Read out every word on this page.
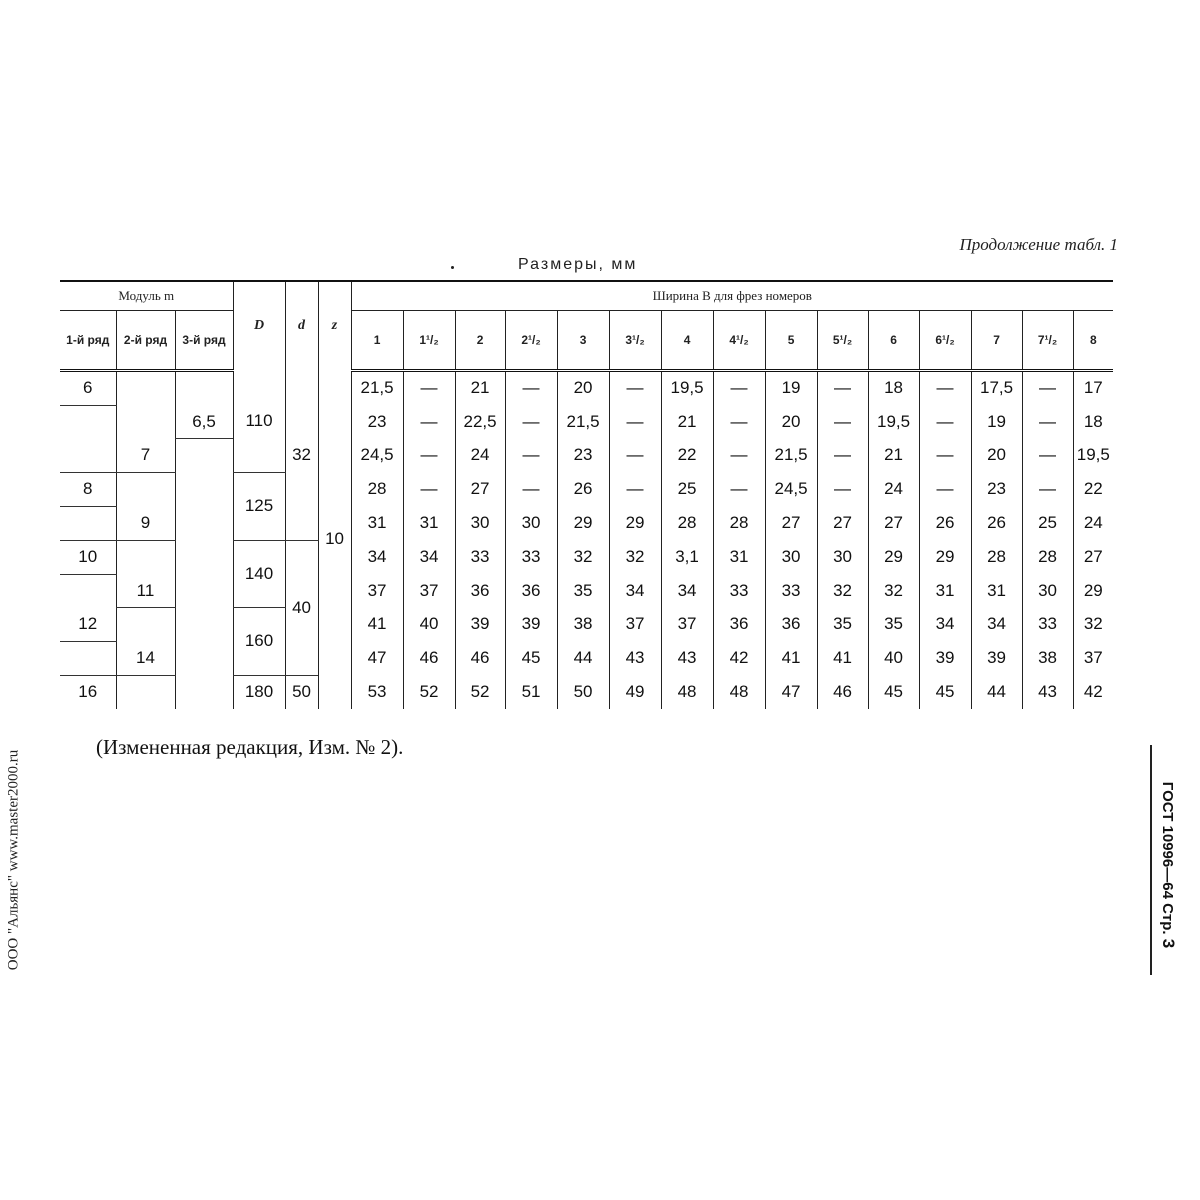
Продолжение табл. 1
Размеры, мм
Модуль m			D	d	z	Ширина B для фрез номеров														
1-й ряд	2-й ряд	3-й ряд				1	1¹/₂	2	2¹/₂	3	3¹/₂	4	4¹/₂	5	5¹/₂	6	6¹/₂	7	7¹/₂	8
6			110	32	10	21,5	—	21	—	20	—	19,5	—	19	—	18	—	17,5	—	17
		6,5				23	—	22,5	—	21,5	—	21	—	20	—	19,5	—	19	—	18
	7					24,5	—	24	—	23	—	22	—	21,5	—	21	—	20	—	19,5
8			125			28	—	27	—	26	—	25	—	24,5	—	24	—	23	—	22
	9					31	31	30	30	29	29	28	28	27	27	27	26	26	25	24
10			140	40		34	34	33	33	32	32	3,1	31	30	30	29	29	28	28	27
	11					37	37	36	36	35	34	34	33	33	32	32	31	31	30	29
12			160			41	40	39	39	38	37	37	36	36	35	35	34	34	33	32
	14					47	46	46	45	44	43	43	42	41	41	40	39	39	38	37
16			180	50		53	52	52	51	50	49	48	48	47	46	45	45	44	43	42
(Измененная редакция, Изм. № 2).
ООО "Альянс" www.master2000.ru	ГОСТ 10996—64 Стр. 3
